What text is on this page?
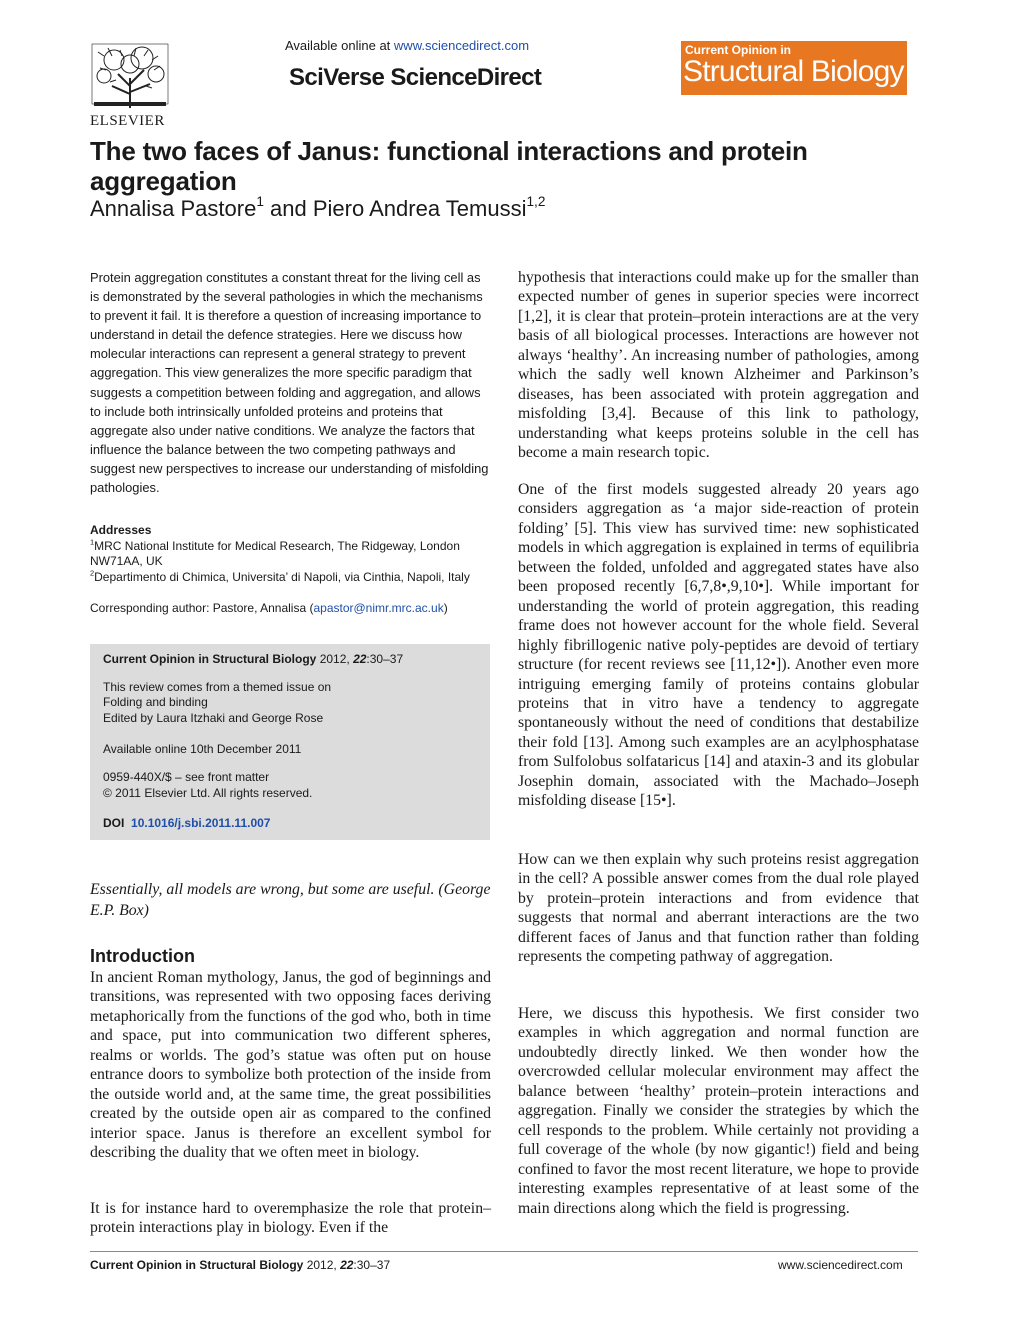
ELSEVIER
Available online at www.sciencedirect.com
SciVerse ScienceDirect
Current Opinion in
Structural Biology
The two faces of Janus: functional interactions and protein aggregation
Annalisa Pastore$^1$ and Piero Andrea Temussi$^{1,2}$
Protein aggregation constitutes a constant threat for the living cell as is demonstrated by the several pathologies in which the mechanisms to prevent it fail. It is therefore a question of increasing importance to understand in detail the defence strategies. Here we discuss how molecular interactions can represent a general strategy to prevent aggregation. This view generalizes the more specific paradigm that suggests a competition between folding and aggregation, and allows to include both intrinsically unfolded proteins and proteins that aggregate also under native conditions. We analyze the factors that influence the balance between the two competing pathways and suggest new perspectives to increase our understanding of misfolding pathologies.
Addresses
$^1$MRC National Institute for Medical Research, The Ridgeway, London NW71AA, UK
$^2$Departimento di Chimica, Universita’ di Napoli, via Cinthia, Napoli, Italy
Corresponding author: Pastore, Annalisa (apastor@nimr.mrc.ac.uk)
Current Opinion in Structural Biology 2012, 22:30–37
This review comes from a themed issue on
Folding and binding
Edited by Laura Itzhaki and George Rose
Available online 10th December 2011
0959-440X/$ – see front matter
© 2011 Elsevier Ltd. All rights reserved.
DOI 10.1016/j.sbi.2011.11.007
Essentially, all models are wrong, but some are useful. (George E.P. Box)
Introduction
In ancient Roman mythology, Janus, the god of beginnings and transitions, was represented with two opposing faces deriving metaphorically from the functions of the god who, both in time and space, put into communication two different spheres, realms or worlds. The god’s statue was often put on house entrance doors to symbolize both protection of the inside from the outside world and, at the same time, the great possibilities created by the outside open air as compared to the confined interior space. Janus is therefore an excellent symbol for describing the duality that we often meet in biology.
It is for instance hard to overemphasize the role that protein–protein interactions play in biology. Even if the
hypothesis that interactions could make up for the smaller than expected number of genes in superior species were incorrect [1,2], it is clear that protein–protein interactions are at the very basis of all biological processes. Interactions are however not always ‘healthy’. An increasing number of pathologies, among which the sadly well known Alzheimer and Parkinson’s diseases, has been associated with protein aggregation and misfolding [3,4]. Because of this link to pathology, understanding what keeps proteins soluble in the cell has become a main research topic.
One of the first models suggested already 20 years ago considers aggregation as ‘a major side-reaction of protein folding’ [5]. This view has survived time: new sophisticated models in which aggregation is explained in terms of equilibria between the folded, unfolded and aggregated states have also been proposed recently [6,7,8•,9,10•]. While important for understanding the world of protein aggregation, this reading frame does not however account for the whole field. Several highly fibrillogenic native poly-peptides are devoid of tertiary structure (for recent reviews see [11,12•]). Another even more intriguing emerging family of proteins contains globular proteins that in vitro have a tendency to aggregate spontaneously without the need of conditions that destabilize their fold [13]. Among such examples are an acylphosphatase from Sulfolobus solfataricus [14] and ataxin-3 and its globular Josephin domain, associated with the Machado–Joseph misfolding disease [15•].
How can we then explain why such proteins resist aggregation in the cell? A possible answer comes from the dual role played by protein–protein interactions and from evidence that suggests that normal and aberrant interactions are the two different faces of Janus and that function rather than folding represents the competing pathway of aggregation.
Here, we discuss this hypothesis. We first consider two examples in which aggregation and normal function are undoubtedly directly linked. We then wonder how the overcrowded cellular molecular environment may affect the balance between ‘healthy’ protein–protein interactions and aggregation. Finally we consider the strategies by which the cell responds to the problem. While certainly not providing a full coverage of the whole (by now gigantic!) field and being confined to favor the most recent literature, we hope to provide interesting examples representative of at least some of the main directions along which the field is progressing.
Current Opinion in Structural Biology 2012, 22:30–37	www.sciencedirect.com
